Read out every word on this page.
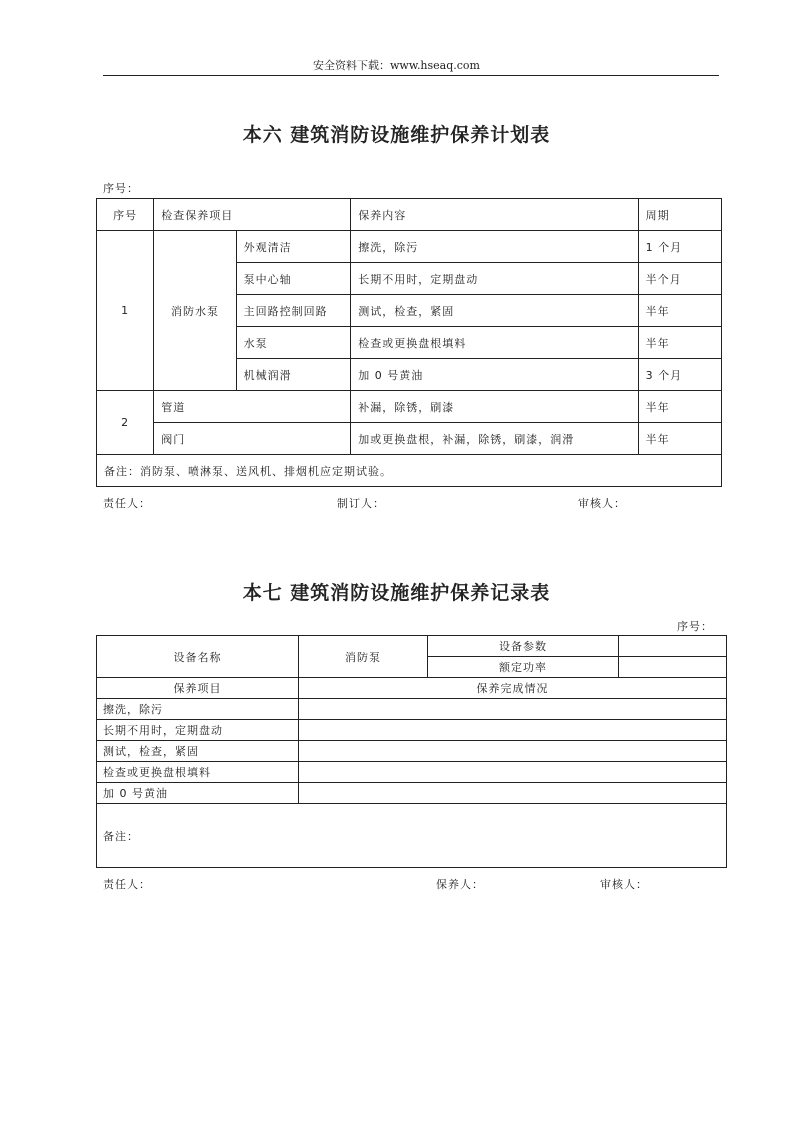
安全资料下载：www.hseaq.com
本六 建筑消防设施维护保养计划表
序号：
序号	检查保养项目		保养内容	周期
1	消防水泵	外观清洁	擦洗，除污	1 个月
		泵中心轴	长期不用时，定期盘动	半个月
		主回路控制回路	测试，检查，紧固	半年
		水泵	检查或更换盘根填料	半年
		机械润滑	加 0 号黄油	3 个月
2	管道		补漏，除锈，刷漆	半年
	阀门		加或更换盘根，补漏，除锈，刷漆，润滑	半年
备注：消防泵、喷淋泵、送风机、排烟机应定期试验。				
责任人：	制订人：	审核人：
本七 建筑消防设施维护保养记录表
序号：
设备名称	消防泵	设备参数	
		额定功率	
保养项目	保养完成情况		
擦洗，除污			
长期不用时，定期盘动			
测试，检查，紧固			
检查或更换盘根填料			
加 0 号黄油			
备注：			
责任人：	保养人：	审核人：
